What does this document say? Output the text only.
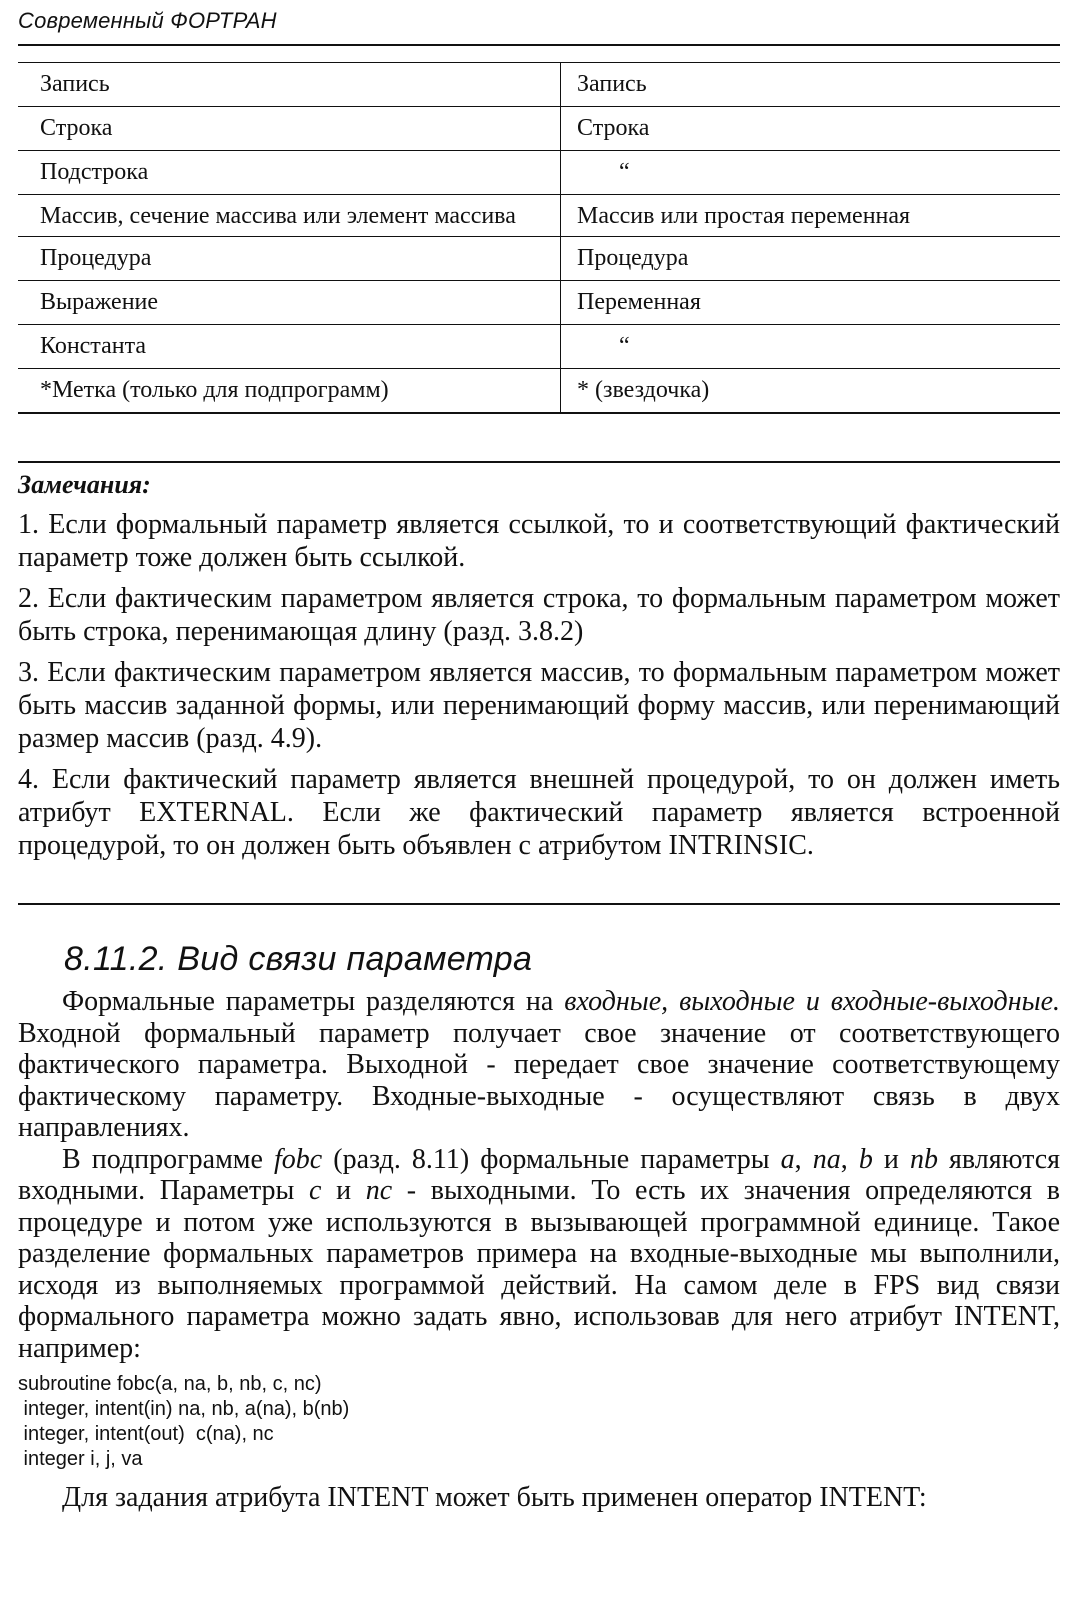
Современный ФОРТРАН
Запись	Запись
Строка	Строка
Подстрока	“
Массив, сечение массива или элемент массива	Массив или простая переменная
Процедура	Процедура
Выражение	Переменная
Константа	“
*Метка (только для подпрограмм)	* (звездочка)

Замечания:

1. Если формальный параметр является ссылкой, то и соответствующий фактический параметр тоже должен быть ссылкой.

2. Если фактическим параметром является строка, то формальным параметром может быть строка, перенимающая длину (разд. 3.8.2)

3. Если фактическим параметром является массив, то формальным параметром может быть массив заданной формы, или перенимающий форму массив, или перенимающий размер массив (разд. 4.9).

4. Если фактический параметр является внешней процедурой, то он должен иметь атрибут EXTERNAL. Если же фактический параметр является встроенной процедурой, то он должен быть объявлен с атрибутом INTRINSIC.

8.11.2. Вид связи параметра

Формальные параметры разделяются на входные, выходные и входные-выходные. Входной формальный параметр получает свое значение от соответствующего фактического параметра. Выходной - передает свое значение соответствующему фактическому параметру. Входные-выходные - осуществляют связь в двух направлениях.

В подпрограмме fobc (разд. 8.11) формальные параметры a, na, b и nb являются входными. Параметры c и nc - выходными. То есть их значения определяются в процедуре и потом уже используются в вызывающей программной единице. Такое разделение формальных параметров примера на входные-выходные мы выполнили, исходя из выполняемых программой действий. На самом деле в FPS вид связи формального параметра можно задать явно, использовав для него атрибут INTENT, например:

subroutine fobc(a, na, b, nb, c, nc)
integer, intent(in) na, nb, a(na), b(nb)
integer, intent(out)  c(na), nc
integer i, j, va

Для задания атрибута INTENT может быть применен оператор INTENT:
